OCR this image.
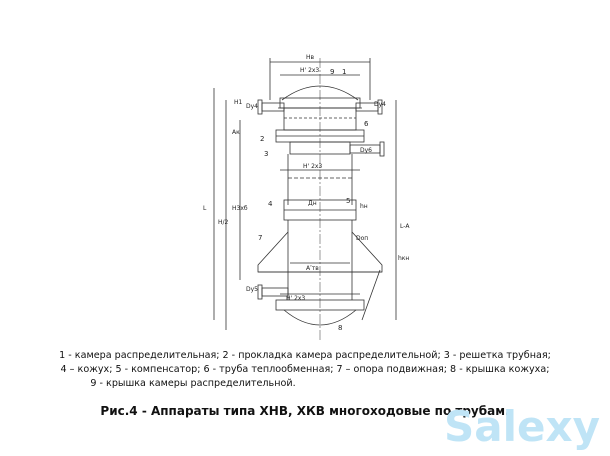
Нв
Н' 2х3
Dу4	Dу4
Dу6
Н' 2х3
Дн
Аʹтв
Dу5
Н' 2х3
Н1
L
Н/2
L-А
Ак
Н3хб
Dоп
hн
hкн
9 1
2
3
6
4	5
7
8
1 - камера распределительная; 2 - прокладка камера распределительной; 3 - решетка трубная;
4 – кожух; 5 - компенсатор; 6 - труба теплообменная; 7 – опора подвижная; 8 - крышка кожуха;
9 - крышка камеры распределительной.
Рис.4 - Аппараты типа ХНВ, ХКВ многоходовые по трубам.
Salexy
